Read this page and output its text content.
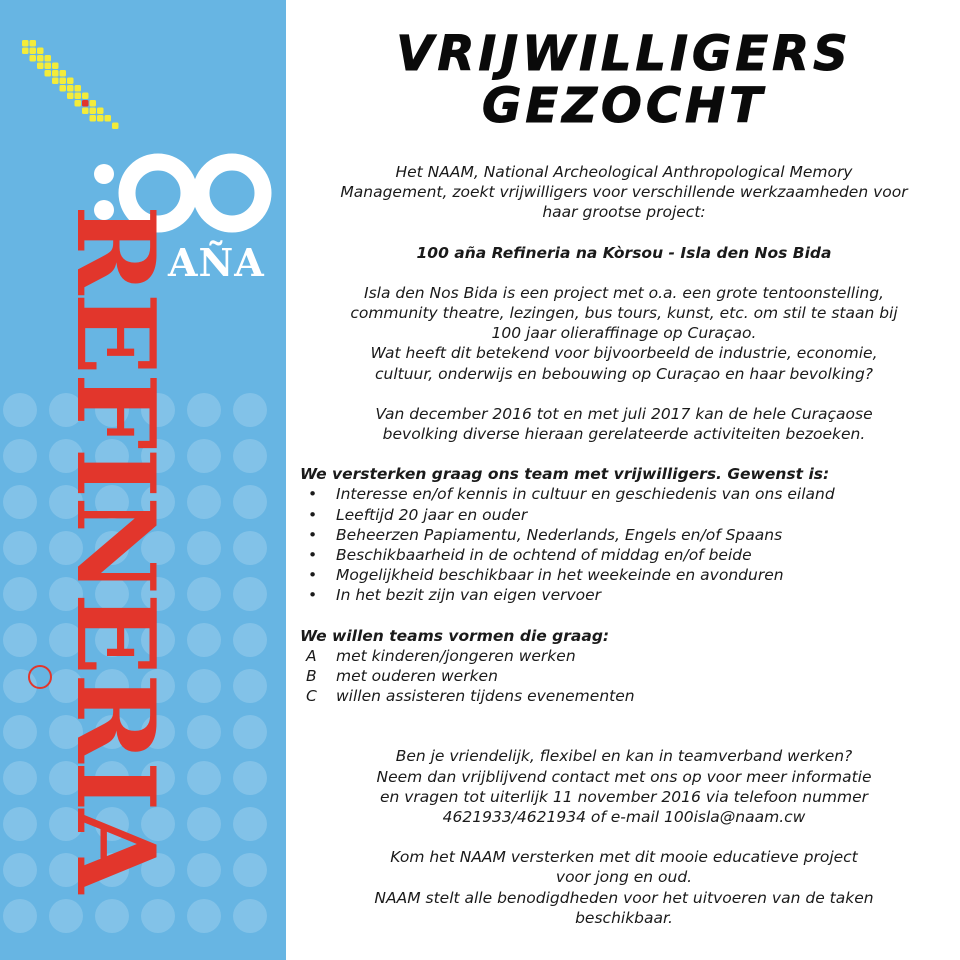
:00
AÑA
REFINERIA
VRIJWILLIGERS
GEZOCHT

Het NAAM, National Archeological Anthropological Memory

Management, zoekt vrijwilligers voor verschillende werkzaamheden voor

haar grootse project:

100 aña Refineria na Kòrsou - Isla den Nos Bida

Isla den Nos Bida is een project met o.a. een grote tentoonstelling,

community theatre, lezingen, bus tours, kunst, etc. om stil te staan bij

100 jaar olieraffinage op Curaçao.

Wat heeft dit betekend voor bijvoorbeeld de industrie, economie,

cultuur, onderwijs en bebouwing op Curaçao en haar bevolking?

Van december 2016 tot en met juli 2017 kan de hele Curaçaose

bevolking diverse hieraan gerelateerde activiteiten bezoeken.

We versterken graag ons team met vrijwilligers. Gewenst is:

• Interesse en/of kennis in cultuur en geschiedenis van ons eiland
• Leeftijd 20 jaar en ouder
• Beheerzen Papiamentu, Nederlands, Engels en/of Spaans
• Beschikbaarheid in de ochtend of middag en/of beide
• Mogelijkheid beschikbaar in het weekeinde en avonduren
• In het bezit zijn van eigen vervoer

We willen teams vormen die graag:

A met kinderen/jongeren werken
B met ouderen werken
C willen assisteren tijdens evenementen

Ben je vriendelijk, flexibel en kan in teamverband werken?

Neem dan vrijblijvend contact met ons op voor meer informatie

en vragen tot uiterlijk 11 november 2016 via telefoon nummer

4621933/4621934 of e-mail 100isla@naam.cw

Kom het NAAM versterken met dit mooie educatieve project

voor jong en oud.

NAAM stelt alle benodigdheden voor het uitvoeren van de taken

beschikbaar.
